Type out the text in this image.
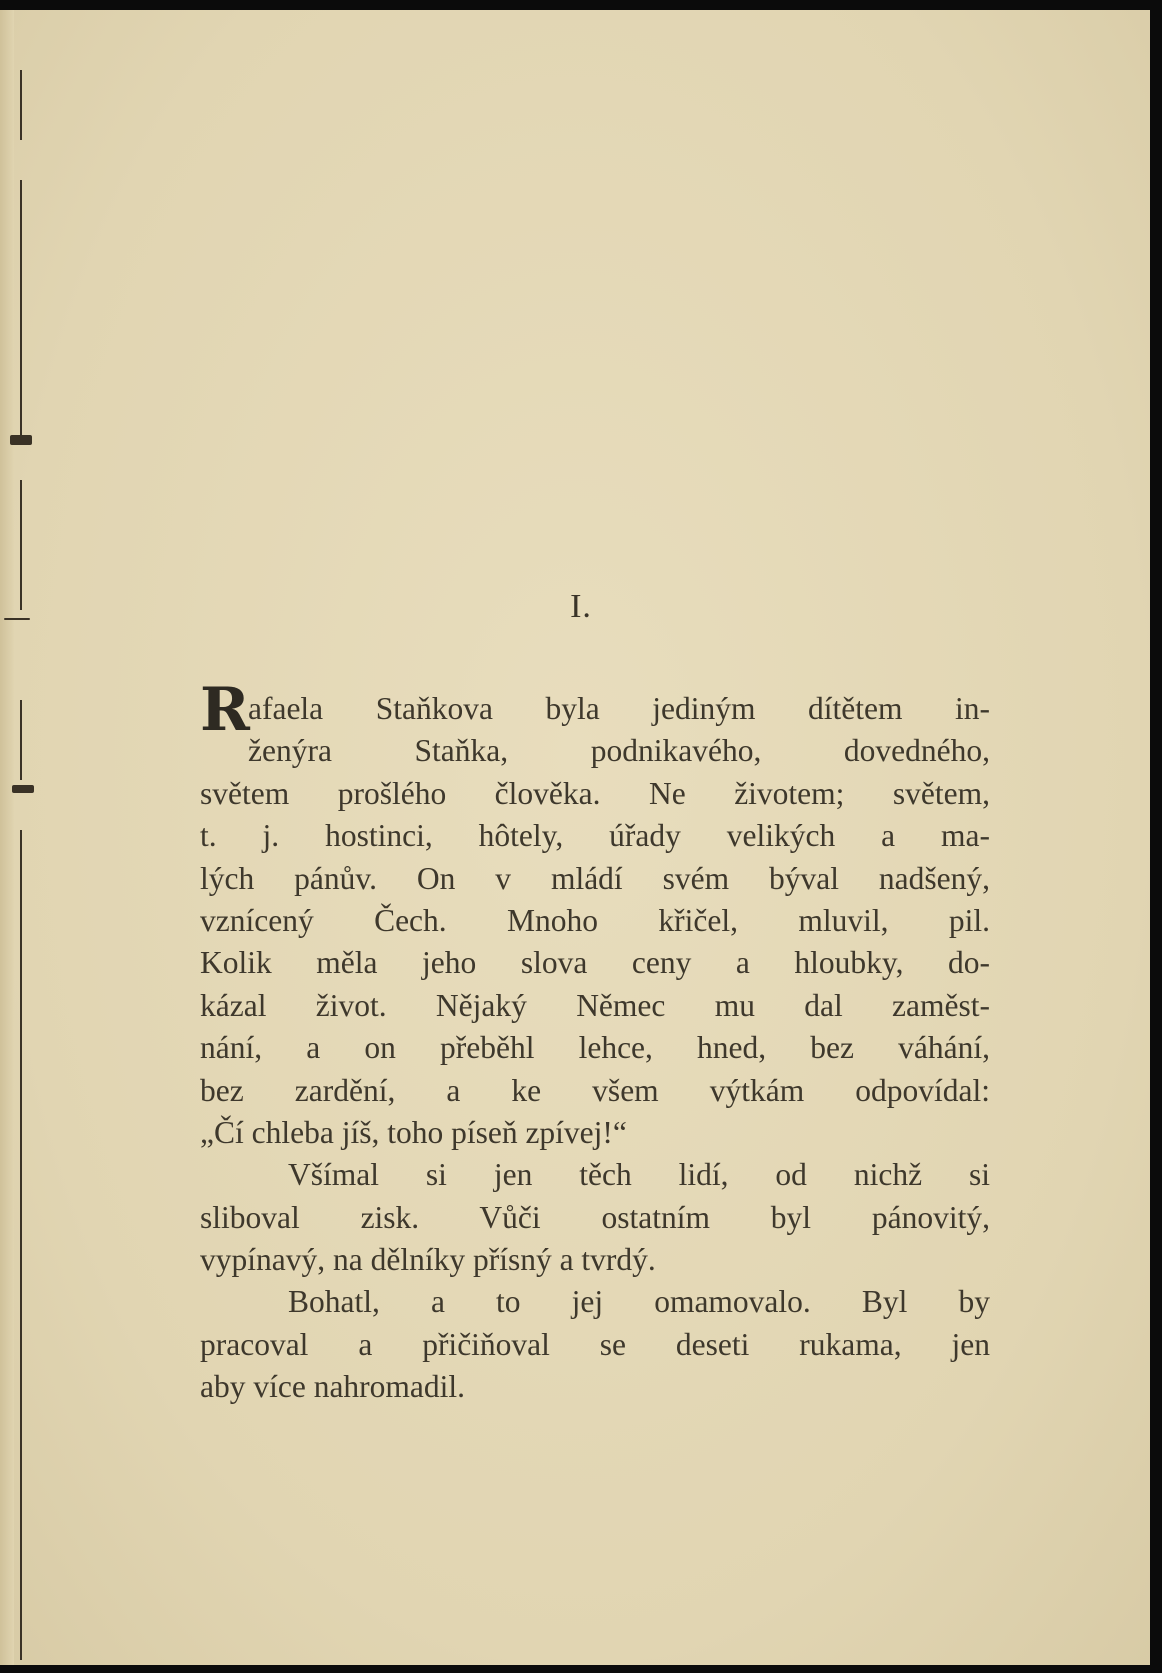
I.
R
afaela Staňkova byla jediným dítětem in-
ženýra Staňka, podnikavého, dovedného,
světem prošlého člověka. Ne životem; světem,
t. j. hostinci, hôtely, úřady velikých a ma-
lých pánův. On v mládí svém býval nadšený,
vznícený Čech. Mnoho křičel, mluvil, pil.
Kolik měla jeho slova ceny a hloubky, do-
kázal život. Nějaký Němec mu dal zaměst-
nání, a on přeběhl lehce, hned, bez váhání,
bez zardění, a ke všem výtkám odpovídal:
„Čí chleba jíš, toho píseň zpívej!“
Všímal si jen těch lidí, od nichž si
sliboval zisk. Vůči ostatním byl pánovitý,
vypínavý, na dělníky přísný a tvrdý.
Bohatl, a to jej omamovalo. Byl by
pracoval a přičiňoval se deseti rukama, jen
aby více nahromadil.
